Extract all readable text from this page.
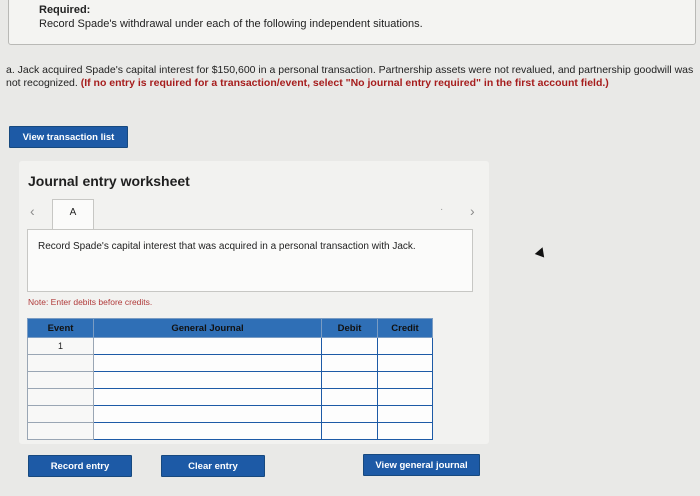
Required:
Record Spade's withdrawal under each of the following independent situations.
a. Jack acquired Spade's capital interest for $150,600 in a personal transaction. Partnership assets were not revalued, and partnership goodwill was not recognized. (If no entry is required for a transaction/event, select "No journal entry required" in the first account field.)
View transaction list
Journal entry worksheet
‹	›
A	·
Record Spade's capital interest that was acquired in a personal transaction with Jack.
Note: Enter debits before credits.
Event	General Journal	Debit	Credit
1			

Record entry	Clear entry	View general journal
